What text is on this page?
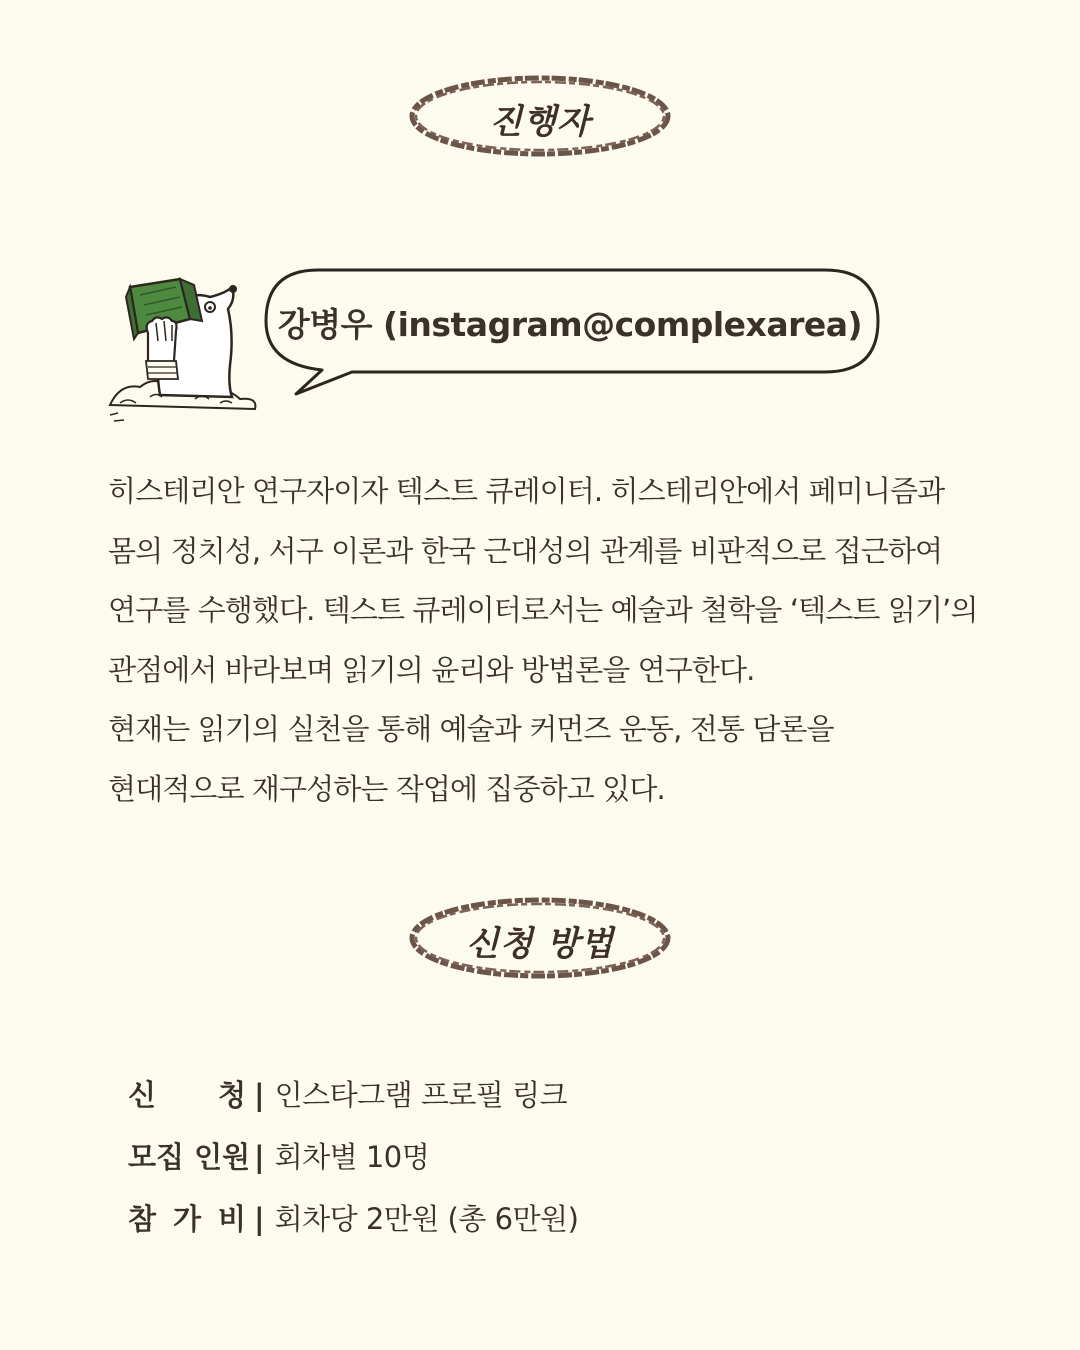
진행자
강병우 (instagram@complexarea)
히스테리안 연구자이자 텍스트 큐레이터. 히스테리안에서 페미니즘과
몸의 정치성, 서구 이론과 한국 근대성의 관계를 비판적으로 접근하여
연구를 수행했다. 텍스트 큐레이터로서는 예술과 철학을 ‘텍스트 읽기’의
관점에서 바라보며 읽기의 윤리와 방법론을 연구한다.
현재는 읽기의 실천을 통해 예술과 커먼즈 운동, 전통 담론을
현대적으로 재구성하는 작업에 집중하고 있다.
신청 방법
신 청 | 인스타그램 프로필 링크
모집 인원 | 회차별 10명
참 가 비 | 회차당 2만원 (총 6만원)
